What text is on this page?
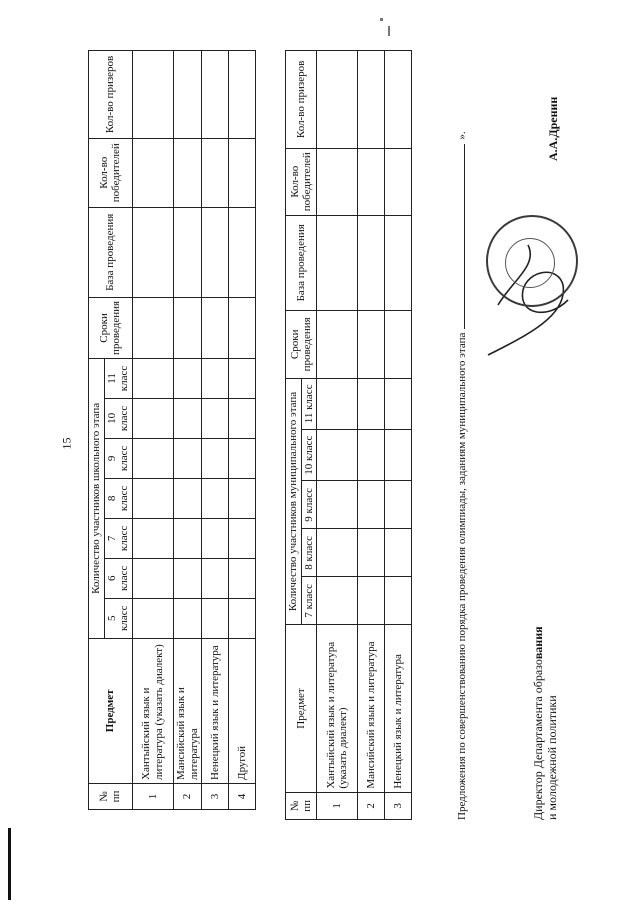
15
№ пп	Предмет	Количество участников школьного этапа							Сроки проведения	База проведения	Кол-во победителей	Кол-во призеров
		5 класс	6 класс	7 класс	8 класс	9 класс	10 класс	11 класс				
1	Хантыйский язык и литература (указать диалект)											
2	Мансийский язык и литература											
3	Ненецкий язык и литература											
4	Другой											
№ пп	Предмет	Количество участников муниципального этапа					Сроки проведения	База проведения	Кол-во победителей	Кол-во призеров
		7 класс	8 класс	9 класс	10 класс	11 класс				
1	Хантыйский язык и литература (указать диалект)									
2	Мансийский язык и литература									
3	Ненецкий язык и литература										Предложения по совершенствованию порядка проведения олимпиады, заданиям муниципального этапа».
Директор Департамента образования
и молодежной политики
А.А.Дренин
